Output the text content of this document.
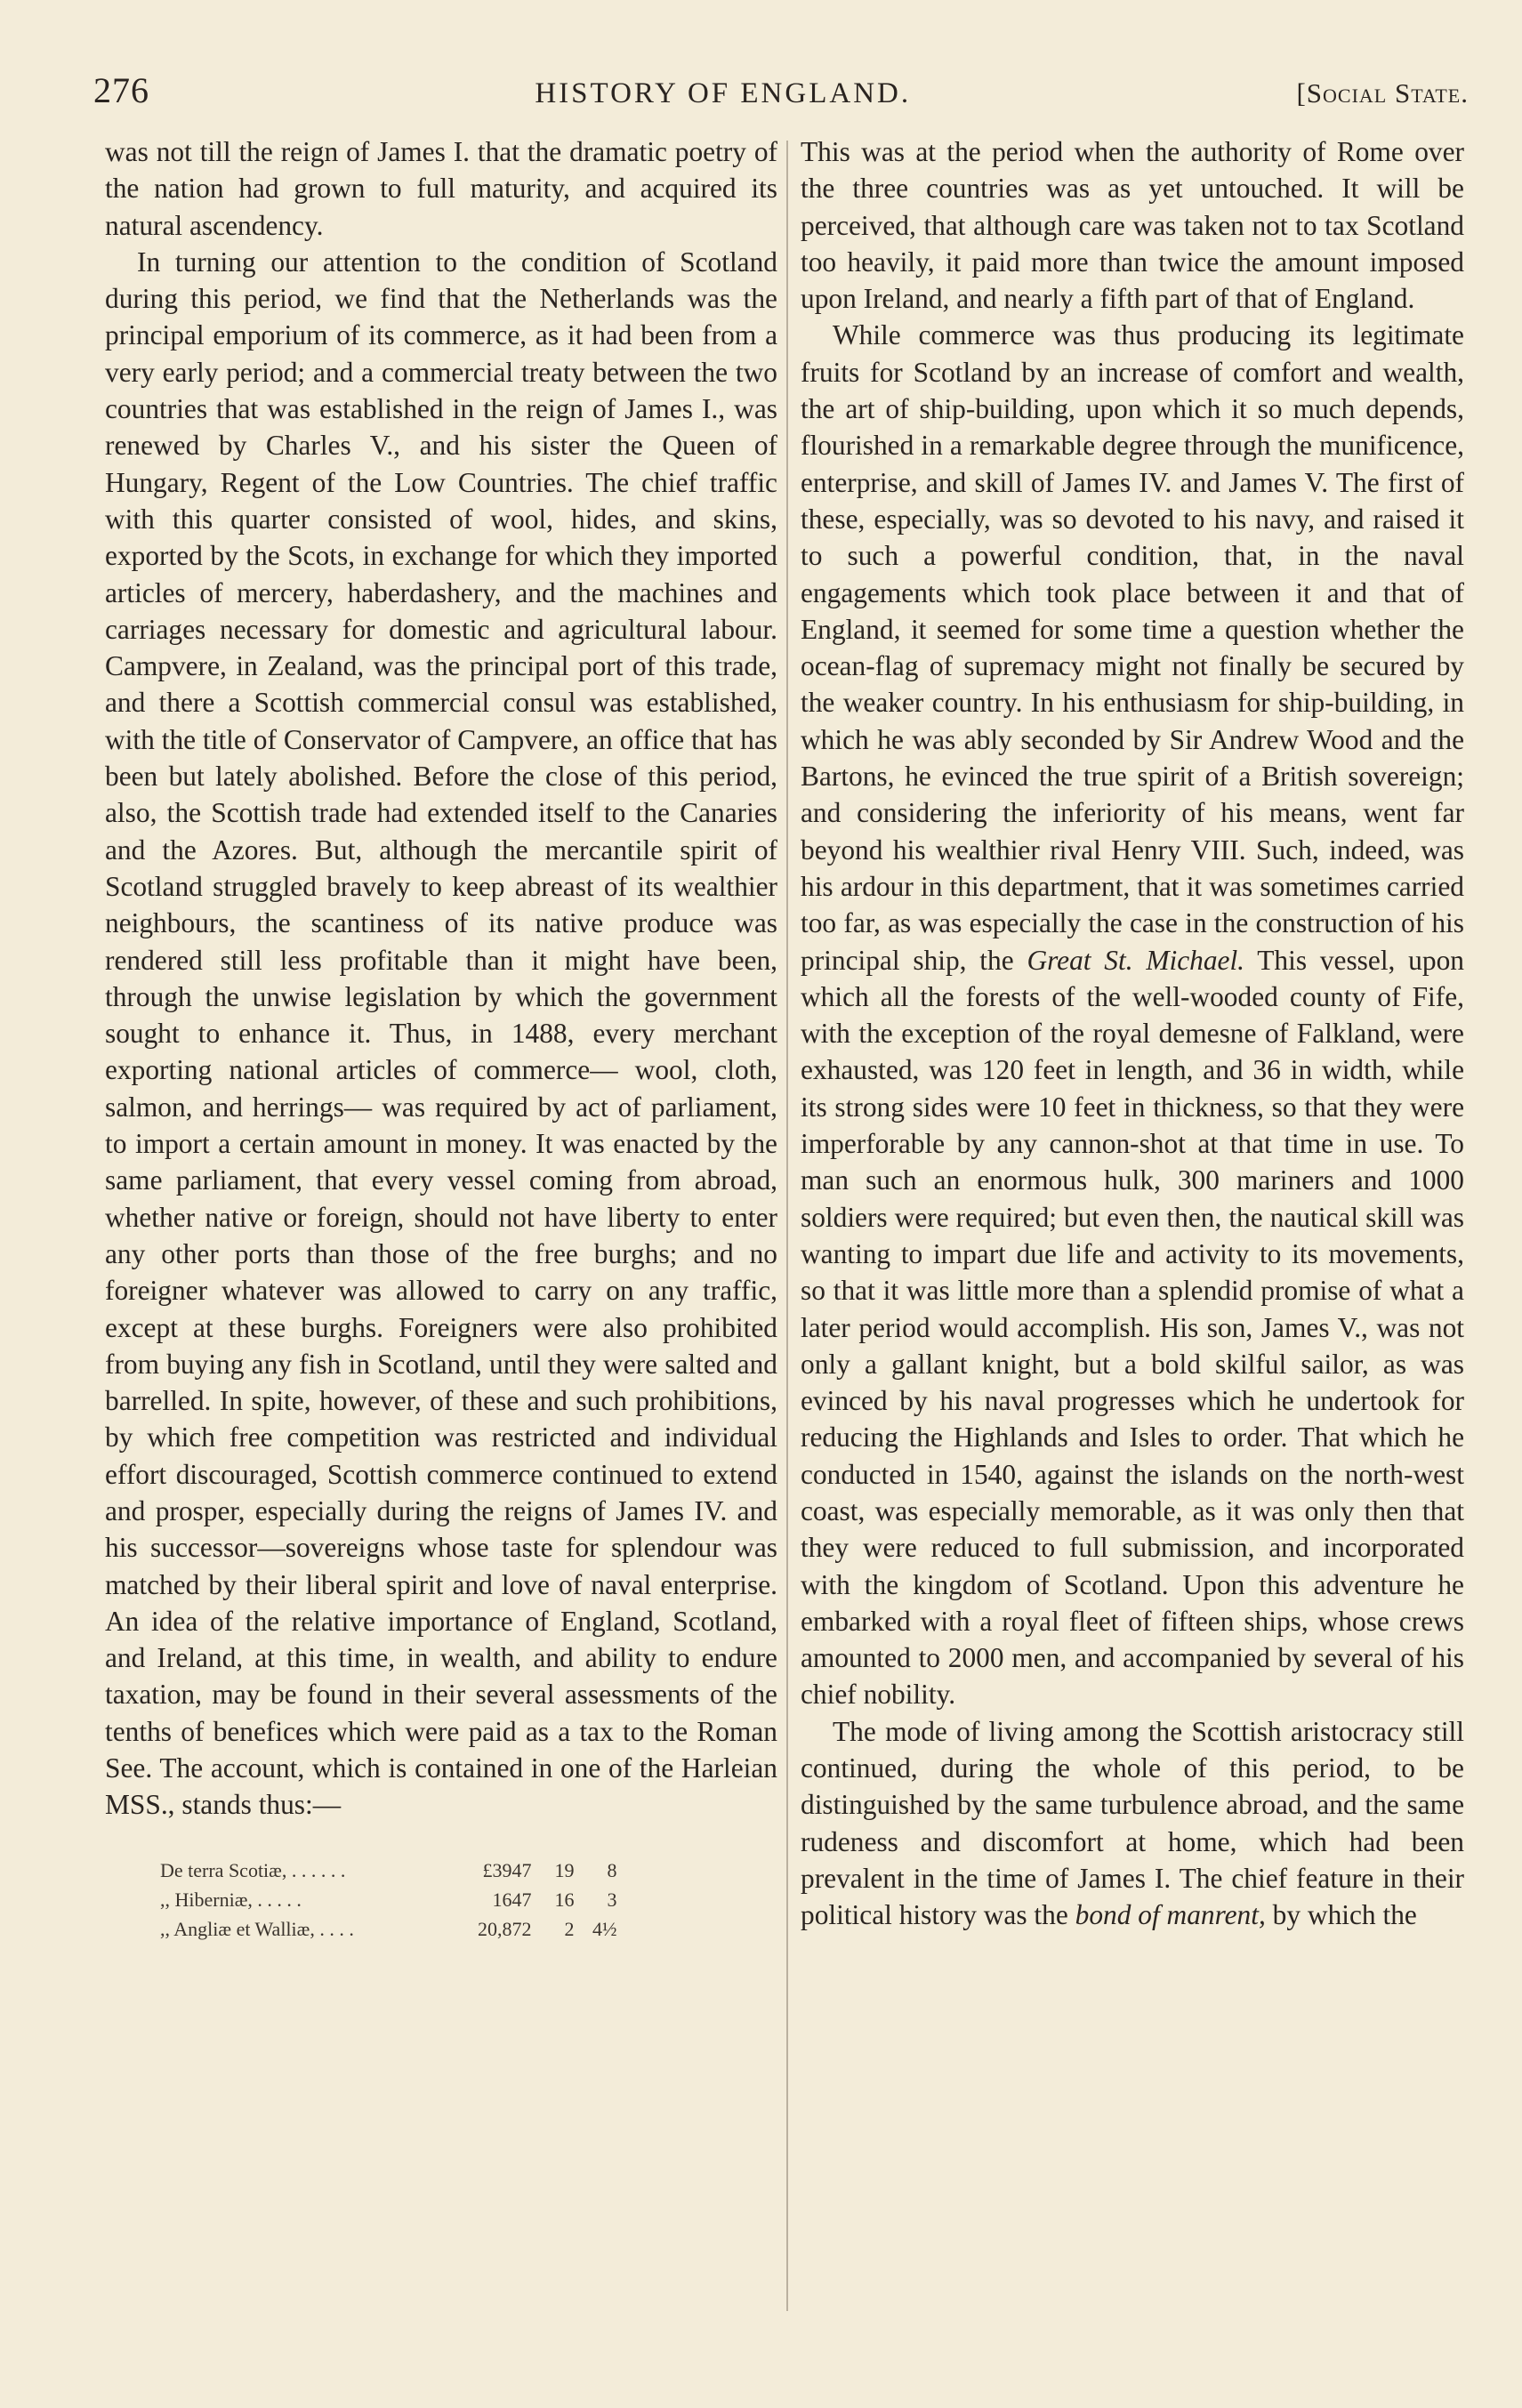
276	HISTORY OF ENGLAND.	[Social State.

was not till the reign of James I. that the dramatic poetry of the nation had grown to full maturity, and acquired its natural ascendency.

In turning our attention to the condition of Scotland during this period, we find that the Netherlands was the principal emporium of its commerce, as it had been from a very early period; and a commercial treaty between the two countries that was established in the reign of James I., was renewed by Charles V., and his sister the Queen of Hungary, Regent of the Low Countries. The chief traffic with this quarter consisted of wool, hides, and skins, exported by the Scots, in exchange for which they imported articles of mercery, haberdashery, and the machines and carriages necessary for domestic and agricultural labour. Campvere, in Zealand, was the principal port of this trade, and there a Scottish commercial consul was established, with the title of Conservator of Campvere, an office that has been but lately abolished. Before the close of this period, also, the Scottish trade had extended itself to the Canaries and the Azores. But, although the mercantile spirit of Scotland struggled bravely to keep abreast of its wealthier neighbours, the scantiness of its native produce was rendered still less profitable than it might have been, through the unwise legislation by which the government sought to enhance it. Thus, in 1488, every merchant exporting national articles of commerce— wool, cloth, salmon, and herrings— was required by act of parliament, to import a certain amount in money. It was enacted by the same parliament, that every vessel coming from abroad, whether native or foreign, should not have liberty to enter any other ports than those of the free burghs; and no foreigner whatever was allowed to carry on any traffic, except at these burghs. Foreigners were also prohibited from buying any fish in Scotland, until they were salted and barrelled. In spite, however, of these and such prohibitions, by which free competition was restricted and individual effort discouraged, Scottish commerce continued to extend and prosper, especially during the reigns of James IV. and his successor—sovereigns whose taste for splendour was matched by their liberal spirit and love of naval enterprise. An idea of the relative importance of England, Scotland, and Ireland, at this time, in wealth, and ability to endure taxation, may be found in their several assessments of the tenths of benefices which were paid as a tax to the Roman See. The account, which is contained in one of the Harleian MSS., stands thus:—

De terra Scotiæ, . . . . . .	£3947	19	8
,, Hiberniæ, . . . . .	1647	16	3
,, Angliæ et Walliæ, . . . .	20,872	2	4½

This was at the period when the authority of Rome over the three countries was as yet untouched. It will be perceived, that although care was taken not to tax Scotland too heavily, it paid more than twice the amount imposed upon Ireland, and nearly a fifth part of that of England.

While commerce was thus producing its legitimate fruits for Scotland by an increase of comfort and wealth, the art of ship-building, upon which it so much depends, flourished in a remarkable degree through the munificence, enterprise, and skill of James IV. and James V. The first of these, especially, was so devoted to his navy, and raised it to such a powerful condition, that, in the naval engagements which took place between it and that of England, it seemed for some time a question whether the ocean-flag of supremacy might not finally be secured by the weaker country. In his enthusiasm for ship-building, in which he was ably seconded by Sir Andrew Wood and the Bartons, he evinced the true spirit of a British sovereign; and considering the inferiority of his means, went far beyond his wealthier rival Henry VIII. Such, indeed, was his ardour in this department, that it was sometimes carried too far, as was especially the case in the construction of his principal ship, the Great St. Michael. This vessel, upon which all the forests of the well-wooded county of Fife, with the exception of the royal demesne of Falkland, were exhausted, was 120 feet in length, and 36 in width, while its strong sides were 10 feet in thickness, so that they were imperforable by any cannon-shot at that time in use. To man such an enormous hulk, 300 mariners and 1000 soldiers were required; but even then, the nautical skill was wanting to impart due life and activity to its movements, so that it was little more than a splendid promise of what a later period would accomplish. His son, James V., was not only a gallant knight, but a bold skilful sailor, as was evinced by his naval progresses which he undertook for reducing the Highlands and Isles to order. That which he conducted in 1540, against the islands on the north-west coast, was especially memorable, as it was only then that they were reduced to full submission, and incorporated with the kingdom of Scotland. Upon this adventure he embarked with a royal fleet of fifteen ships, whose crews amounted to 2000 men, and accompanied by several of his chief nobility.

The mode of living among the Scottish aristocracy still continued, during the whole of this period, to be distinguished by the same turbulence abroad, and the same rudeness and discomfort at home, which had been prevalent in the time of James I. The chief feature in their political history was the bond of manrent, by which the
